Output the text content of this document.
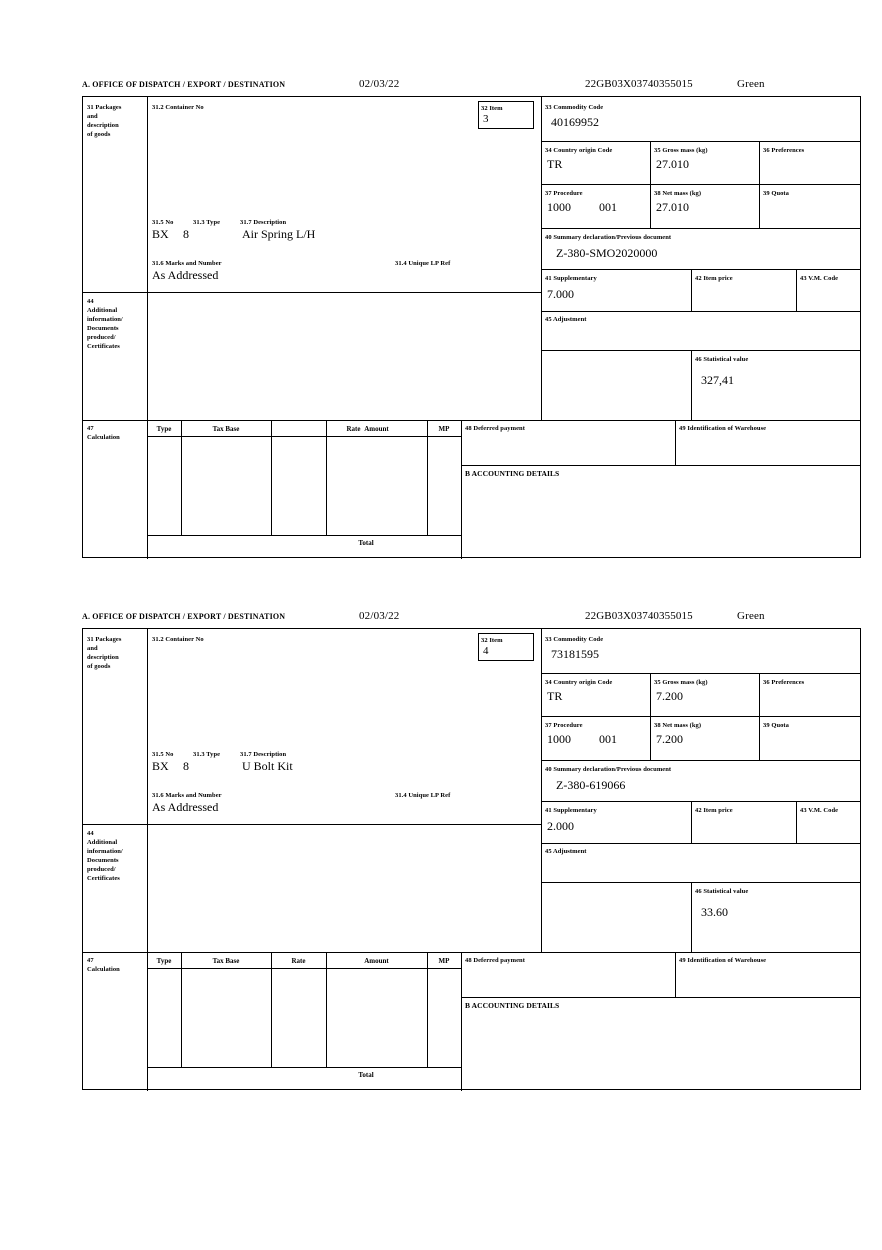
A. OFFICE OF DISPATCH / EXPORT / DESTINATION	02/03/22	22GB03X03740355015	Green
31 Packages
and
description
of goods
31.2 Container No	32 Item
3
31.5 No	31.3 Type	31.7 Description
BX 8	Air Spring L/H
31.6 Marks and Number	31.4 Unique LP Ref
As Addressed
44
Additional
information/
Documents
produced/
Certificates
33 Commodity Code
40169952
34 Country origin Code
TR
35 Gross mass (kg)
27.010
36 Preferences
37 Procedure
1000 001
38 Net mass (kg)
27.010
39 Quota
40 Summary declaration/Previous document
Z-380-SMO2020000
41 Supplementary
7.000
42 Item price	43 V.M. Code
45 Adjustment
46 Statistical value
327,41
47
Calculation
Type	Tax Base	Rate Amount	MP
Total
48 Deferred payment	49 Identification of Warehouse
B ACCOUNTING DETAILS
A. OFFICE OF DISPATCH / EXPORT / DESTINATION	02/03/22	22GB03X03740355015	Green
31 Packages
and
description
of goods
31.2 Container No	32 Item
4
31.5 No	31.3 Type	31.7 Description
BX 8	U Bolt Kit
31.6 Marks and Number	31.4 Unique LP Ref
As Addressed
44
Additional
information/
Documents
produced/
Certificates
33 Commodity Code
73181595
34 Country origin Code
TR
35 Gross mass (kg)
7.200
36 Preferences
37 Procedure
1000 001
38 Net mass (kg)
7.200
39 Quota
40 Summary declaration/Previous document
Z-380-619066
41 Supplementary
2.000
42 Item price	43 V.M. Code
45 Adjustment
46 Statistical value
33.60
47
Calculation
Type	Tax Base	Rate	Amount	MP
Total
48 Deferred payment	49 Identification of Warehouse
B ACCOUNTING DETAILS
